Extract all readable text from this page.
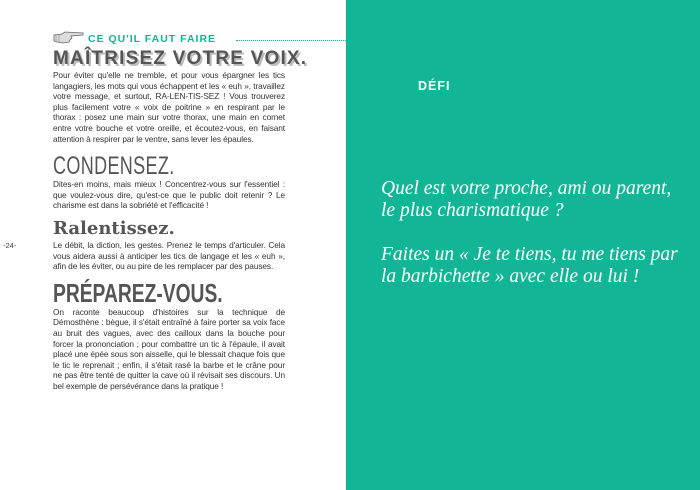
CE QU'IL FAUT FAIRE
MAÎTRISEZ VOTRE VOIX.
Pour éviter qu'elle ne tremble, et pour vous épargner les tics langagiers, les mots qui vous échappent et les « euh », travaillez votre message, et surtout, RA-LEN-TIS-SEZ ! Vous trouverez plus facilement votre « voix de poitrine » en respirant par le thorax : posez une main sur votre thorax, une main en cornet entre votre bouche et votre oreille, et écoutez-vous, en faisant attention à respirer par le ventre, sans lever les épaules.
CONDENSEZ.
Dites-en moins, mais mieux ! Concentrez-vous sur l'essentiel : que voulez-vous dire, qu'est-ce que le public doit retenir ? Le charisme est dans la sobriété et l'efficacité !
Ralentissez.
Le débit, la diction, les gestes. Prenez le temps d'articuler. Cela vous aidera aussi à anticiper les tics de langage et les « euh », afin de les éviter, ou au pire de les remplacer par des pauses.
PRÉPAREZ-VOUS.
On raconte beaucoup d'histoires sur la technique de Démosthène : bègue, il s'était entraîné à faire porter sa voix face au bruit des vagues, avec des cailloux dans la bouche pour forcer la prononciation ; pour combattre un tic à l'épaule, il avait placé une épée sous son aisselle, qui le blessait chaque fois que le tic le reprenait ; enfin, il s'était rasé la barbe et le crâne pour ne pas être tenté de quitter la cave où il révisait ses discours. Un bel exemple de persévérance dans la pratique !
-24-
DÉFI
Quel est votre proche, ami ou parent, le plus charismatique ?
Faites un « Je te tiens, tu me tiens par la barbichette » avec elle ou lui !
